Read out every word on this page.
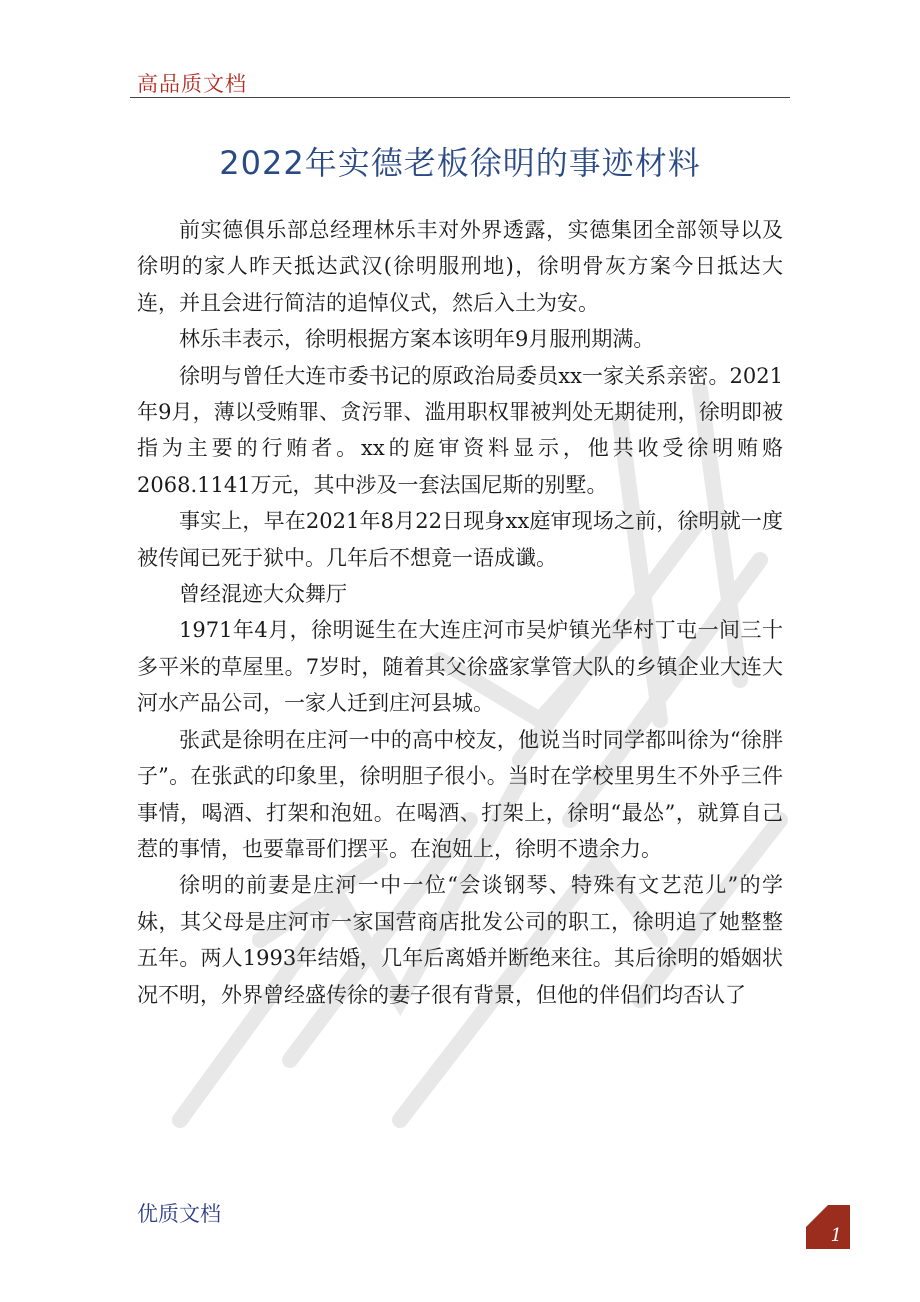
高品质文档
2022年实德老板徐明的事迹材料

前实德俱乐部总经理林乐丰对外界透露，实德集团全部领导以及徐明的家人昨天抵达武汉(徐明服刑地)，徐明骨灰方案今日抵达大连，并且会进行简洁的追悼仪式，然后入土为安。

林乐丰表示，徐明根据方案本该明年9月服刑期满。

徐明与曾任大连市委书记的原政治局委员xx一家关系亲密。2021年9月，薄以受贿罪、贪污罪、滥用职权罪被判处无期徒刑，徐明即被指为主要的行贿者。xx的庭审资料显示，他共收受徐明贿赂2068.1141万元，其中涉及一套法国尼斯的别墅。

事实上，早在2021年8月22日现身xx庭审现场之前，徐明就一度被传闻已死于狱中。几年后不想竟一语成谶。

曾经混迹大众舞厅

1971年4月，徐明诞生在大连庄河市吴炉镇光华村丁屯一间三十多平米的草屋里。7岁时，随着其父徐盛家掌管大队的乡镇企业大连大河水产品公司，一家人迁到庄河县城。

张武是徐明在庄河一中的高中校友，他说当时同学都叫徐为“徐胖子”。在张武的印象里，徐明胆子很小。当时在学校里男生不外乎三件事情，喝酒、打架和泡妞。在喝酒、打架上，徐明“最怂”，就算自己惹的事情，也要靠哥们摆平。在泡妞上，徐明不遗余力。

徐明的前妻是庄河一中一位“会谈钢琴、特殊有文艺范儿”的学妹，其父母是庄河市一家国营商店批发公司的职工，徐明追了她整整五年。两人1993年结婚，几年后离婚并断绝来往。其后徐明的婚姻状况不明，外界曾经盛传徐的妻子很有背景，但他的伴侣们均否认了

优质文档
1
